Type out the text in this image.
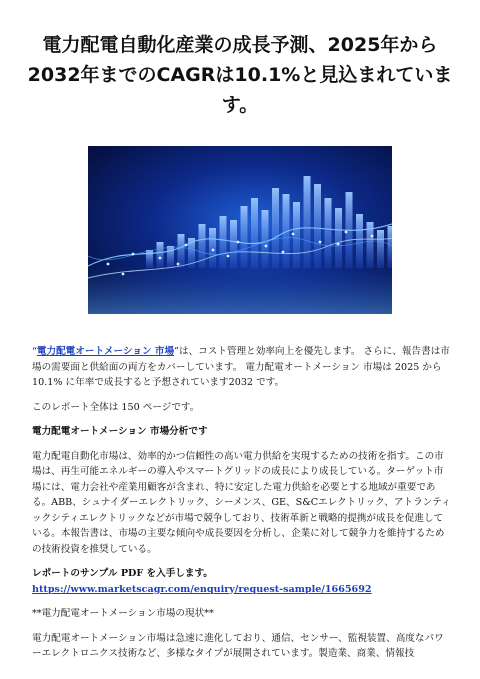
電力配電自動化産業の成長予測、2025年から2032年までのCAGRは10.1%と見込まれています。

“電力配電オートメーション 市場”は、コスト管理と効率向上を優先します。 さらに、報告書は市場の需要面と供給面の両方をカバーしています。 電力配電オートメーション 市場は 2025 から 10.1% に年率で成長すると予想されています2032 です。

このレポート全体は 150 ページです。

電力配電オートメーション 市場分析です

電力配電自動化市場は、効率的かつ信頼性の高い電力供給を実現するための技術を指す。この市場は、再生可能エネルギーの導入やスマートグリッドの成長により成長している。ターゲット市場には、電力会社や産業用顧客が含まれ、特に安定した電力供給を必要とする地域が重要である。ABB、シュナイダーエレクトリック、シーメンス、GE、S&Cエレクトリック、アトランティックシティエレクトリックなどが市場で競争しており、技術革新と戦略的提携が成長を促進している。本報告書は、市場の主要な傾向や成長要因を分析し、企業に対して競争力を維持するための技術投資を推奨している。

レポートのサンプル PDF を入手します。 https://www.marketscagr.com/enquiry/request-sample/1665692

**電力配電オートメーション市場の現状**

電力配電オートメーション市場は急速に進化しており、通信、センサー、監視装置、高度なパワーエレクトロニクス技術など、多様なタイプが展開されています。製造業、商業、情報技
